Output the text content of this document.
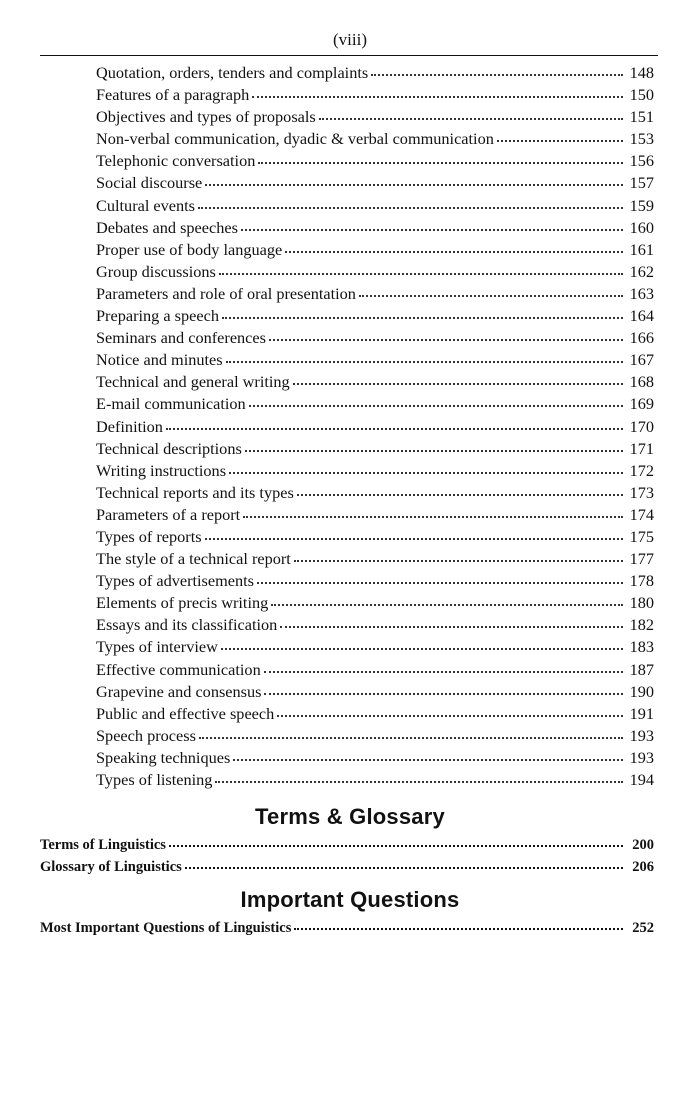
(viii)
Quotation, orders, tenders and complaints	148
Features of a paragraph	150
Objectives and types of proposals	151
Non-verbal communication, dyadic & verbal communication	153
Telephonic conversation	156
Social discourse	157
Cultural events	159
Debates and speeches	160
Proper use of body language	161
Group discussions	162
Parameters and role of oral presentation	163
Preparing a speech	164
Seminars and conferences	166
Notice and minutes	167
Technical and general writing	168
E-mail communication	169
Definition	170
Technical descriptions	171
Writing instructions	172
Technical reports and its types	173
Parameters of a report	174
Types of reports	175
The style of a technical report	177
Types of advertisements	178
Elements of precis writing	180
Essays and its classification	182
Types of interview	183
Effective communication	187
Grapevine and consensus	190
Public and effective speech	191
Speech process	193
Speaking techniques	193
Types of listening	194
Terms & Glossary
Terms of Linguistics	200
Glossary of Linguistics	206
Important Questions
Most Important Questions of Linguistics	252
